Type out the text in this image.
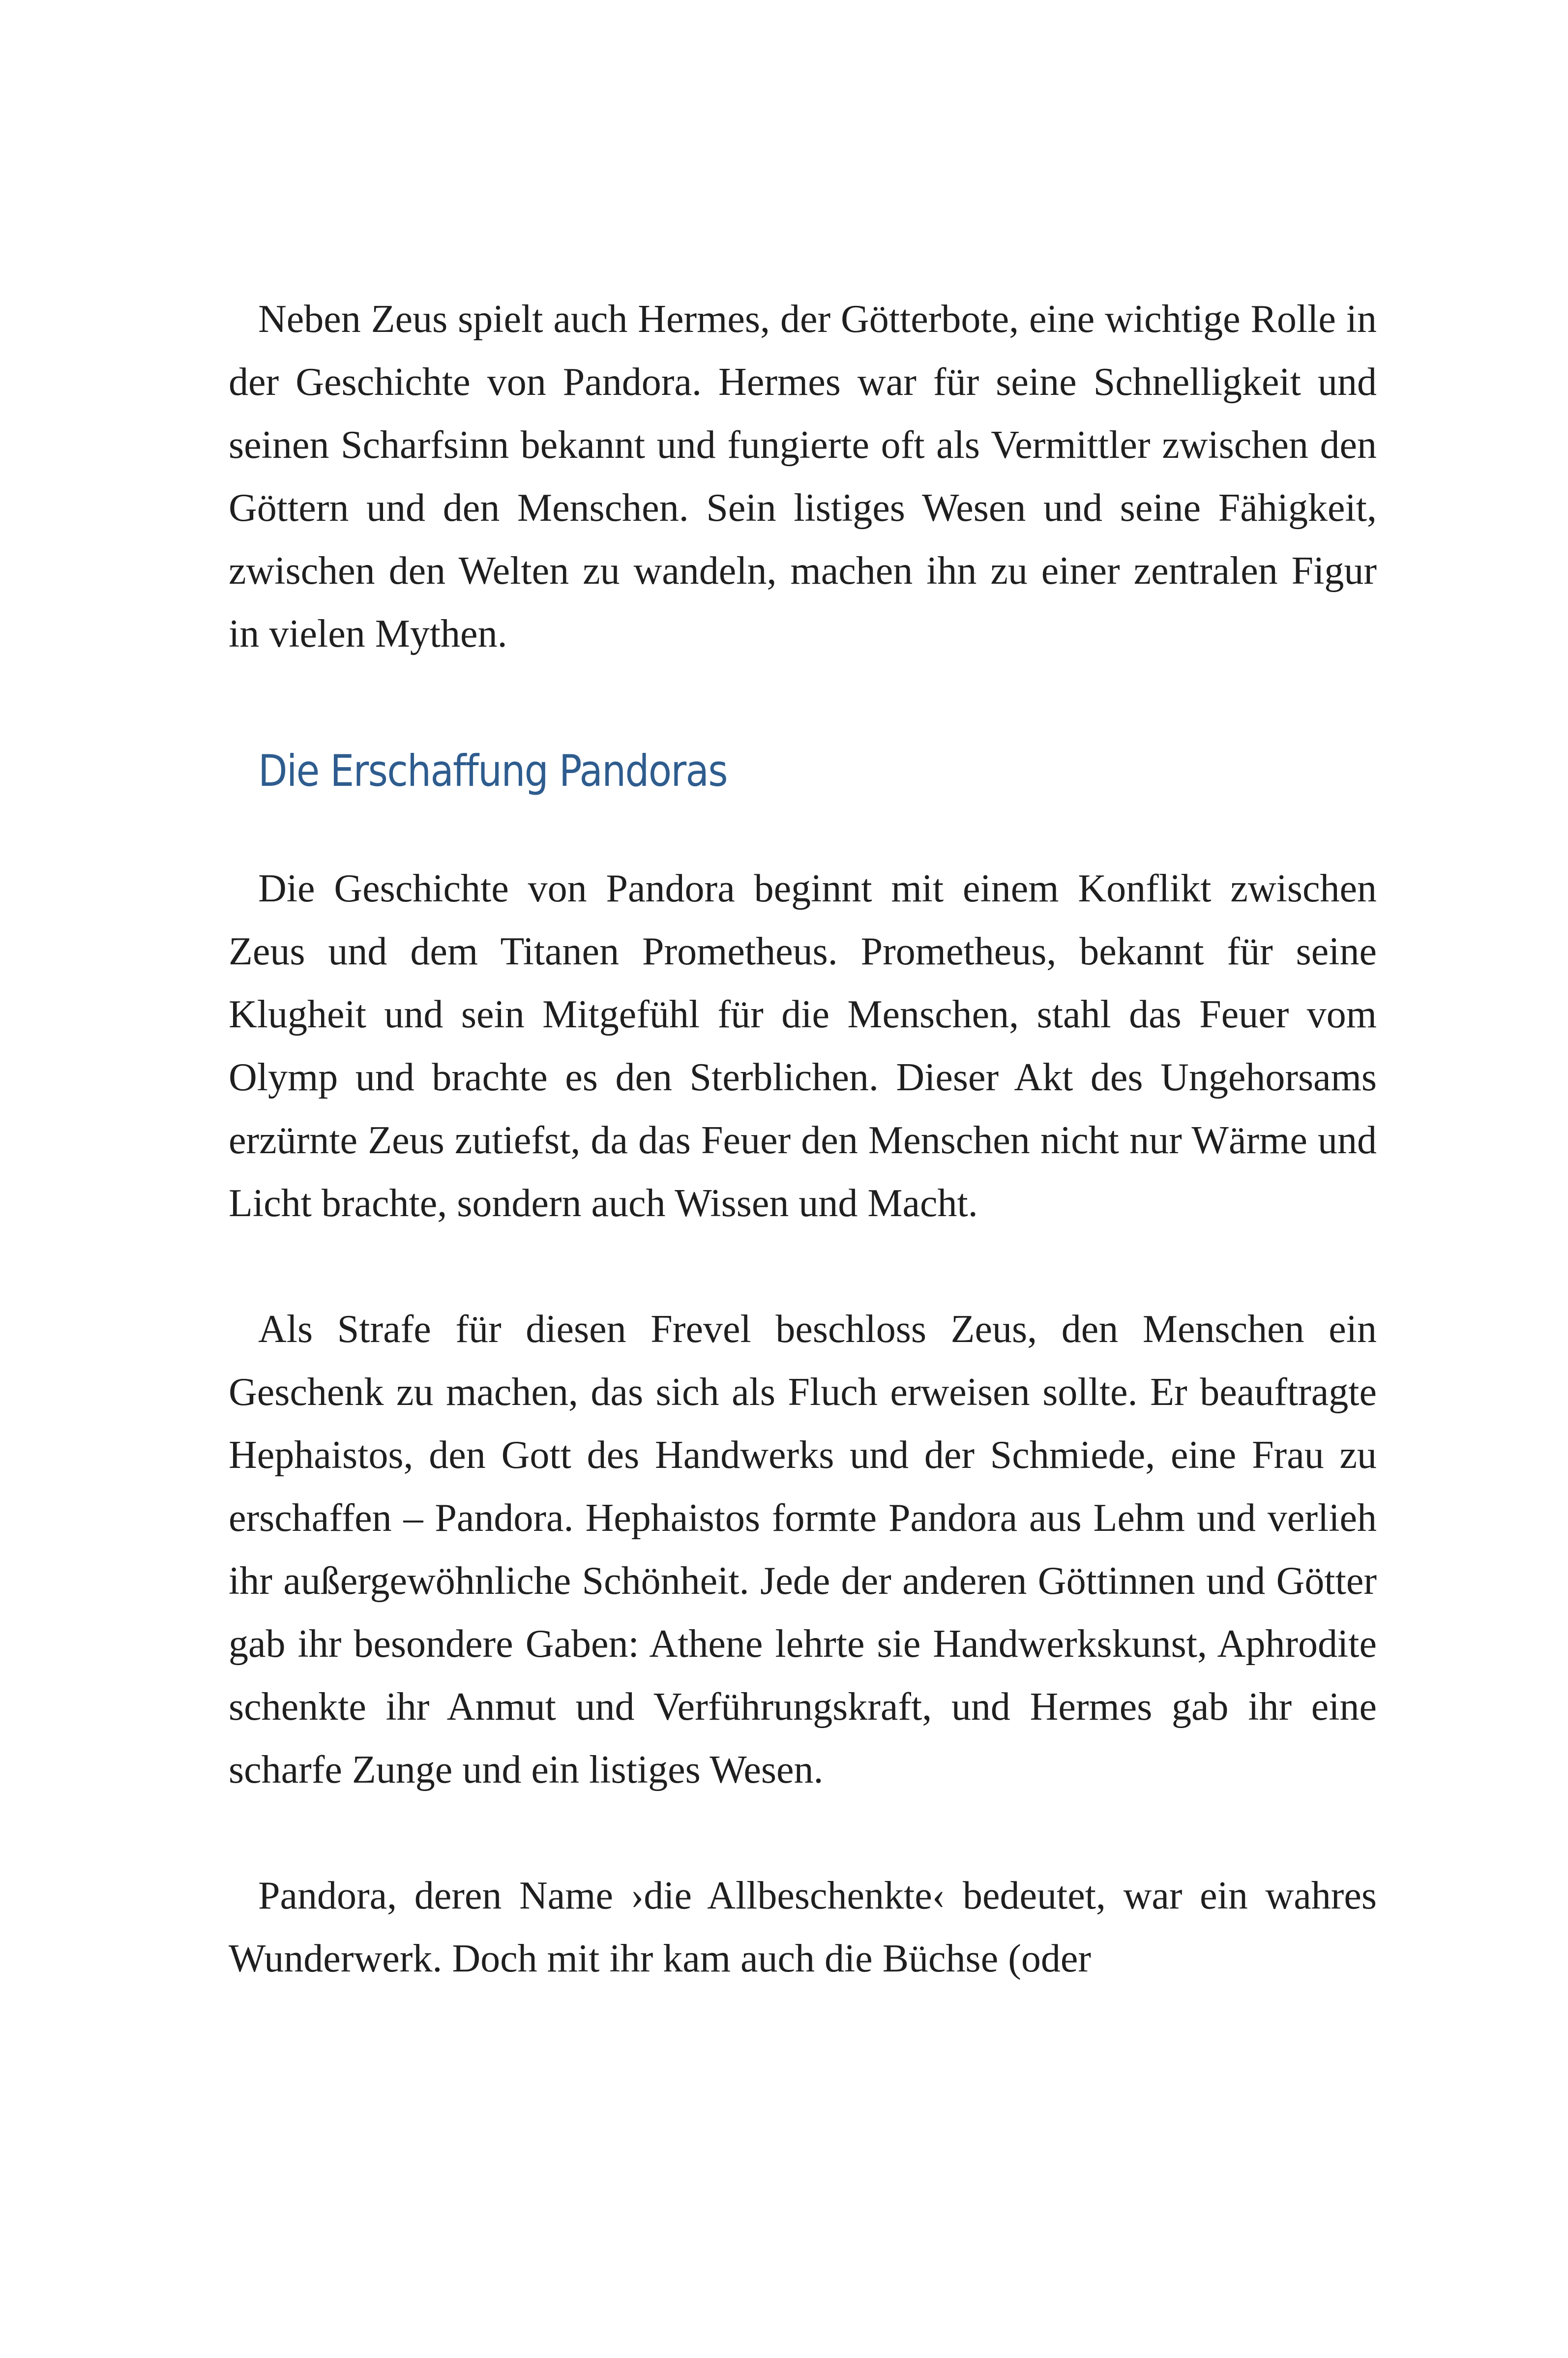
Neben Zeus spielt auch Hermes, der Götterbote, eine wichtige Rolle in der Geschichte von Pandora. Hermes war für seine Schnelligkeit und seinen Scharfsinn bekannt und fungierte oft als Vermittler zwischen den Göttern und den Menschen. Sein listiges Wesen und seine Fähigkeit, zwischen den Welten zu wandeln, machen ihn zu einer zentralen Figur in vielen Mythen.

Die Erschaffung Pandoras

Die Geschichte von Pandora beginnt mit einem Konflikt zwischen Zeus und dem Titanen Prometheus. Prometheus, bekannt für seine Klugheit und sein Mitgefühl für die Menschen, stahl das Feuer vom Olymp und brachte es den Sterblichen. Dieser Akt des Ungehorsams erzürnte Zeus zutiefst, da das Feuer den Menschen nicht nur Wärme und Licht brachte, sondern auch Wissen und Macht.

Als Strafe für diesen Frevel beschloss Zeus, den Menschen ein Geschenk zu machen, das sich als Fluch erweisen sollte. Er beauftragte Hephaistos, den Gott des Handwerks und der Schmiede, eine Frau zu erschaffen – Pandora. Hephaistos formte Pandora aus Lehm und verlieh ihr außergewöhnliche Schönheit. Jede der anderen Göttinnen und Götter gab ihr besondere Gaben: Athene lehrte sie Handwerkskunst, Aphrodite schenkte ihr Anmut und Verführungskraft, und Hermes gab ihr eine scharfe Zunge und ein listiges Wesen.

Pandora, deren Name ›die Allbeschenkte‹ bedeutet, war ein wahres Wunderwerk. Doch mit ihr kam auch die Büchse (oder
